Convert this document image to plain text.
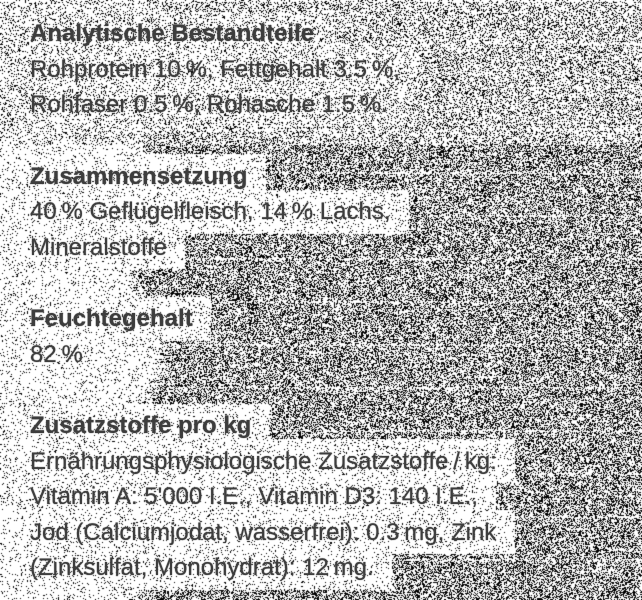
Analytische Bestandteile
Rohprotein 10 %, Fettgehalt 3.5 %,
Rohfaser 0.5 %, Rohasche 1.5 %.
Zusammensetzung
40 % Geflügelfleisch, 14 % Lachs,
Mineralstoffe
Feuchtegehalt
82 %
Zusatzstoffe pro kg
Ernährungsphysiologische Zusatzstoffe / kg:
Vitamin A: 5'000 I.E., Vitamin D3: 140 I.E.,
Jod (Calciumjodat, wasserfrei): 0.3 mg, Zink
(Zinksulfat, Monohydrat): 12 mg.
